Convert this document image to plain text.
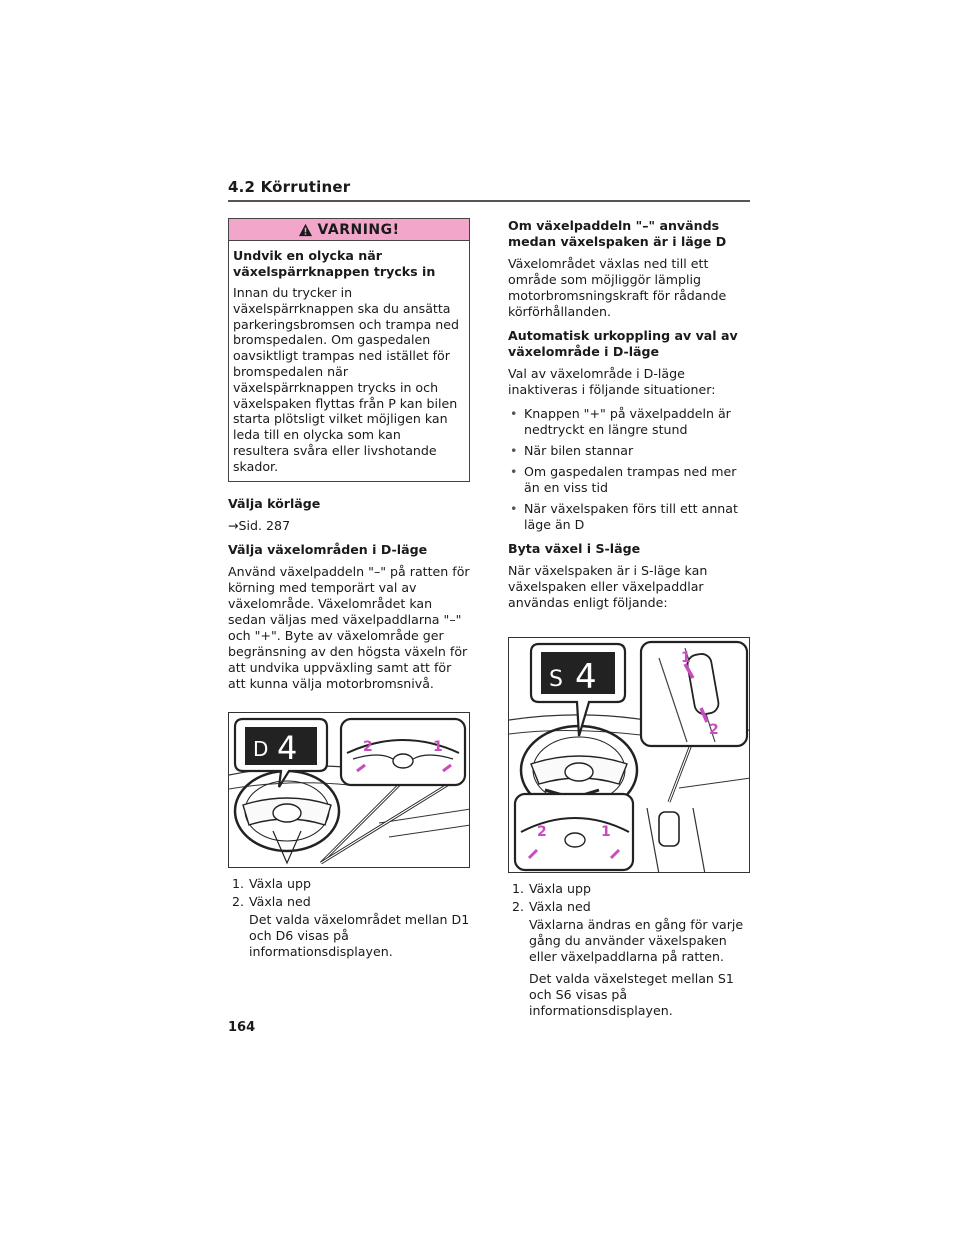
4.2 Körrutiner
VARNING!
Undvik en olycka när växelspärrknappen trycks in

Innan du trycker in växelspärrknappen ska du ansätta parkeringsbromsen och trampa ned bromspedalen. Om gaspedalen oavsiktligt trampas ned istället för bromspedalen när växelspärrknappen trycks in och växelspaken flyttas från P kan bilen starta plötsligt vilket möjligen kan leda till en olycka som kan resultera svåra eller livshotande skador.

Välja körläge
→Sid. 287
Välja växelområden i D-läge
Använd växelpaddeln "–" på ratten för körning med temporärt val av växelområde. Växelområdet kan sedan väljas med växelpaddlarna "–" och "+". Byte av växelområde ger begränsning av den högsta växeln för att undvika uppväxling samt att för att kunna välja motorbromsnivå.
D 4	2	1
1. Växla upp
2. Växla ned
Det valda växelområdet mellan D1 och D6 visas på informationsdisplayen.
Om växelpaddeln "–" används medan växelspaken är i läge D
Växelområdet växlas ned till ett område som möjliggör lämplig motorbromsningskraft för rådande körförhållanden.
Automatisk urkoppling av val av växelområde i D-läge
Val av växelområde i D-läge inaktiveras i följande situationer:
• Knappen "+" på växelpaddeln är nedtryckt en längre stund
• När bilen stannar
• Om gaspedalen trampas ned mer än en viss tid
• När växelspaken förs till ett annat läge än D
Byta växel i S-läge
När växelspaken är i S-läge kan växelspaken eller växelpaddlar användas enligt följande:
S 4	1
2
2	1
1. Växla upp
2. Växla ned
Växlarna ändras en gång för varje gång du använder växelspaken eller växelpaddlarna på ratten.
Det valda växelsteget mellan S1 och S6 visas på informationsdisplayen.
164
